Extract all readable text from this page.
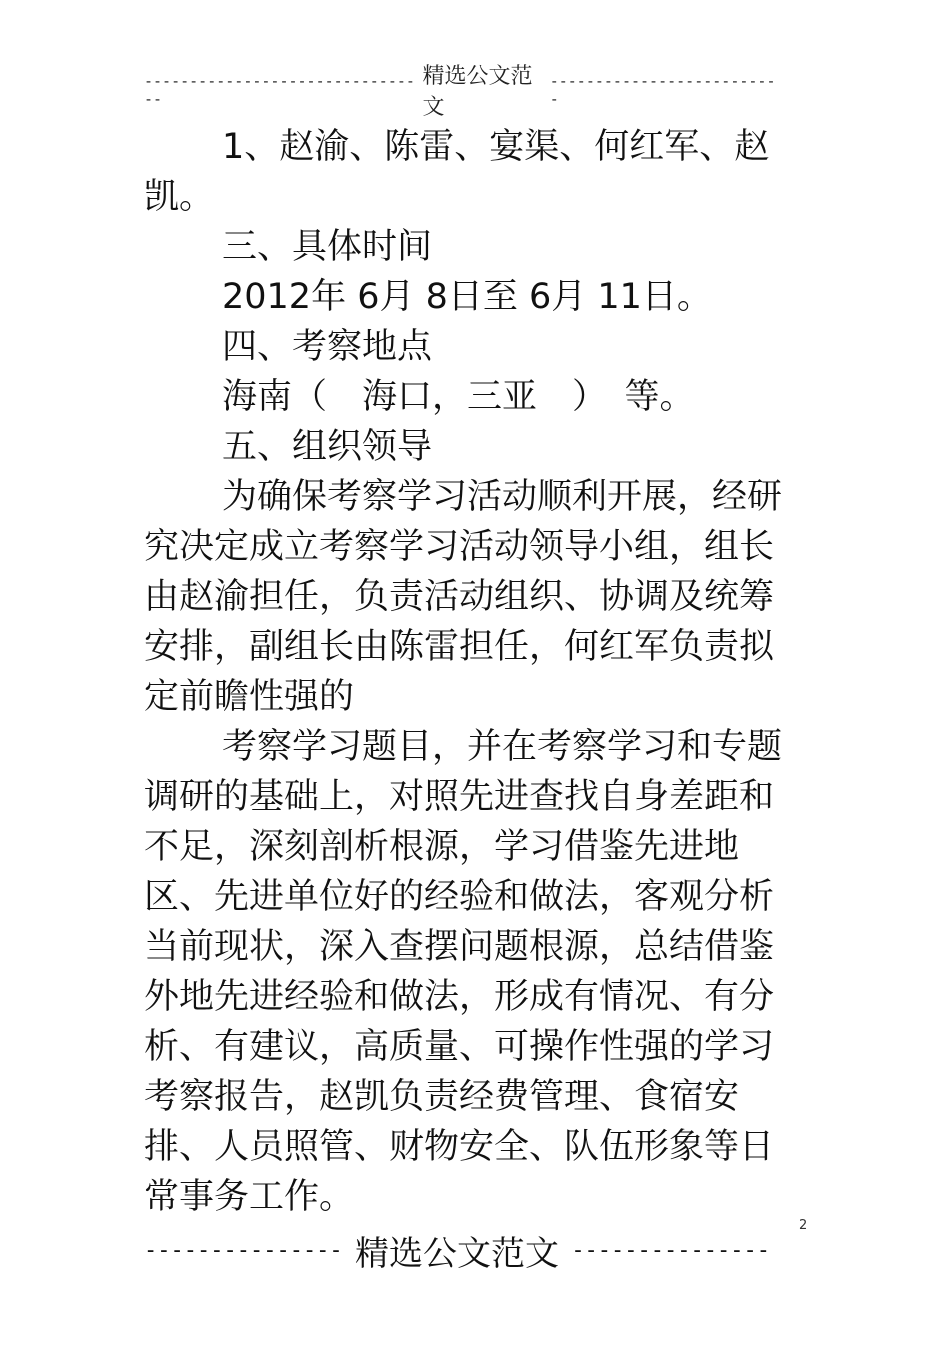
--------------------------------
精选公文范文
--------------------------

1、赵渝、陈雷、宴渠、何红军、赵凯。

三、具体时间

2012年 6月 8日至 6月 11日。

四、考察地点

海南（　海口，三亚　）　等。

五、组织领导

为确保考察学习活动顺利开展，经研究决定成立考察学习活动领导小组，组长由赵渝担任，负责活动组织、协调及统筹安排，副组长由陈雷担任，何红军负责拟定前瞻性强的

考察学习题目，并在考察学习和专题调研的基础上，对照先进查找自身差距和不足，深刻剖析根源，学习借鉴先进地区、先进单位好的经验和做法，客观分析当前现状，深入查摆问题根源，总结借鉴外地先进经验和做法，形成有情况、有分析、有建议，高质量、可操作性强的学习考察报告，赵凯负责经费管理、食宿安排、人员照管、财物安全、队伍形象等日常事务工作。

2
--------------- 精选公文范文 ---------------
